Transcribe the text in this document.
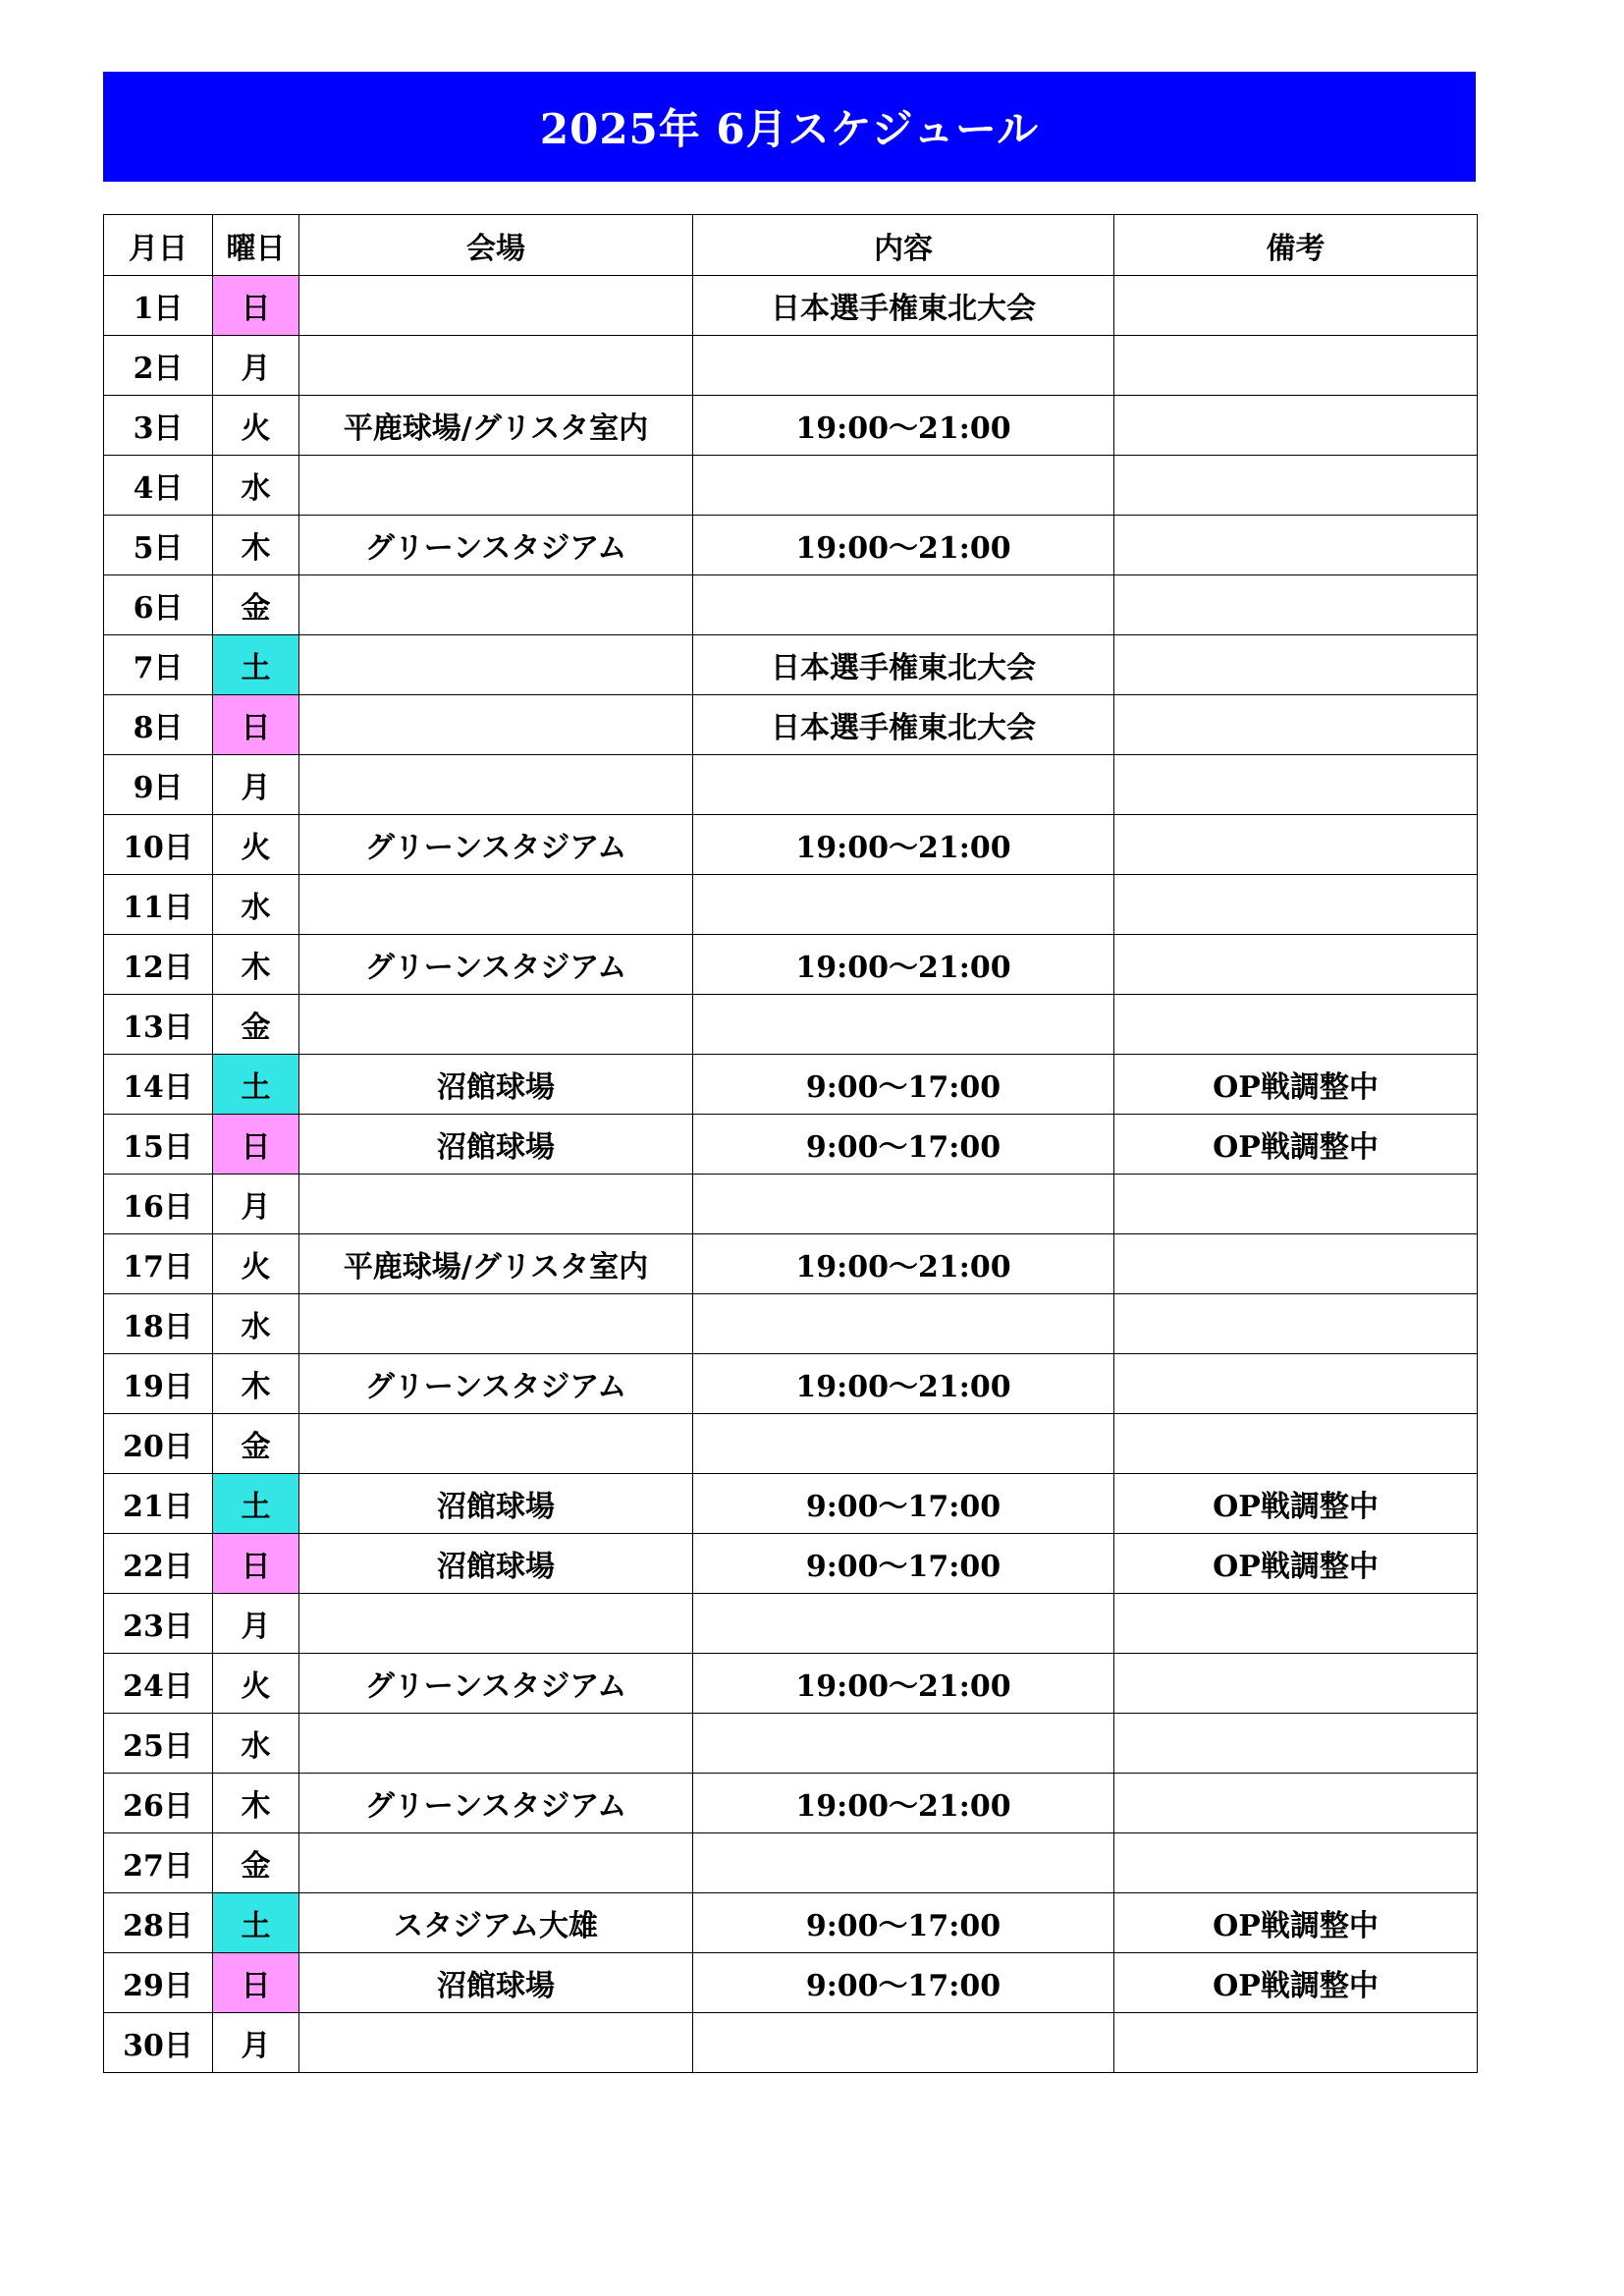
2025年 6月スケジュール
月日	曜日	会場	内容	備考
1日	日		日本選手権東北大会	
2日	月			
3日	火	平鹿球場/グリスタ室内	19:00～21:00	
4日	水			
5日	木	グリーンスタジアム	19:00～21:00	
6日	金			
7日	土		日本選手権東北大会	
8日	日		日本選手権東北大会	
9日	月			
10日	火	グリーンスタジアム	19:00～21:00	
11日	水			
12日	木	グリーンスタジアム	19:00～21:00	
13日	金			
14日	土	沼館球場	9:00～17:00	OP戦調整中
15日	日	沼館球場	9:00～17:00	OP戦調整中
16日	月			
17日	火	平鹿球場/グリスタ室内	19:00～21:00	
18日	水			
19日	木	グリーンスタジアム	19:00～21:00	
20日	金			
21日	土	沼館球場	9:00～17:00	OP戦調整中
22日	日	沼館球場	9:00～17:00	OP戦調整中
23日	月			
24日	火	グリーンスタジアム	19:00～21:00	
25日	水			
26日	木	グリーンスタジアム	19:00～21:00	
27日	金			
28日	土	スタジアム大雄	9:00～17:00	OP戦調整中
29日	日	沼館球場	9:00～17:00	OP戦調整中
30日	月			
